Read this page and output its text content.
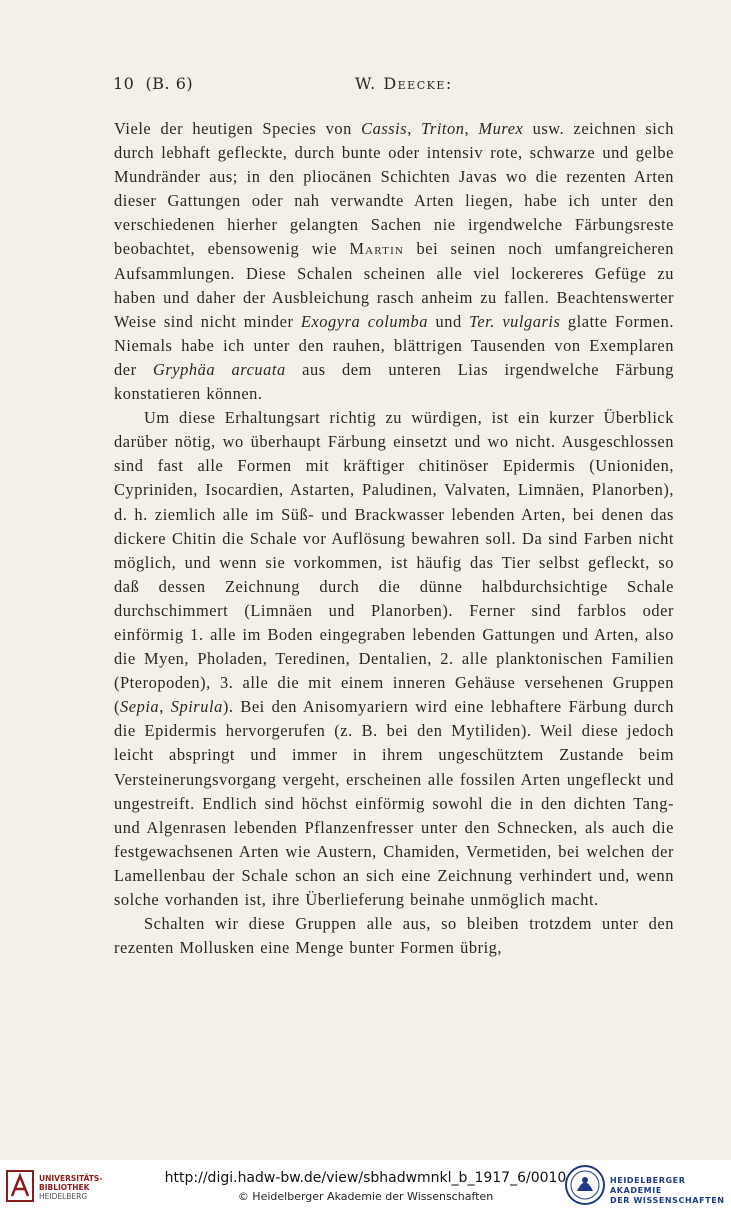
10 (B. 6)	W. Deecke:

Viele der heutigen Species von Cassis, Triton, Murex usw. zeichnen sich durch lebhaft gefleckte, durch bunte oder intensiv rote, schwarze und gelbe Mundränder aus; in den pliocänen Schichten Javas wo die rezenten Arten dieser Gattungen oder nah verwandte Arten liegen, habe ich unter den verschiedenen hierher gelangten Sachen nie irgendwelche Färbungsreste beobachtet, ebensowenig wie Martin bei seinen noch umfangreicheren Aufsammlungen. Diese Schalen scheinen alle viel lockereres Gefüge zu haben und daher der Ausbleichung rasch anheim zu fallen. Beachtenswerter Weise sind nicht minder Exogyra columba und Ter. vulgaris glatte Formen. Niemals habe ich unter den rauhen, blättrigen Tausenden von Exemplaren der Gryphäa arcuata aus dem unteren Lias irgendwelche Färbung konstatieren können.

Um diese Erhaltungsart richtig zu würdigen, ist ein kurzer Überblick darüber nötig, wo überhaupt Färbung einsetzt und wo nicht. Ausgeschlossen sind fast alle Formen mit kräftiger chitinöser Epidermis (Unioniden, Cypriniden, Isocardien, Astarten, Paludinen, Valvaten, Limnäen, Planorben), d. h. ziemlich alle im Süß- und Brackwasser lebenden Arten, bei denen das dickere Chitin die Schale vor Auflösung bewahren soll. Da sind Farben nicht möglich, und wenn sie vorkommen, ist häufig das Tier selbst gefleckt, so daß dessen Zeichnung durch die dünne halbdurchsichtige Schale durchschimmert (Limnäen und Planorben). Ferner sind farblos oder einförmig 1. alle im Boden eingegraben lebenden Gattungen und Arten, also die Myen, Pholaden, Teredinen, Dentalien, 2. alle planktonischen Familien (Pteropoden), 3. alle die mit einem inneren Gehäuse versehenen Gruppen (Sepia, Spirula). Bei den Anisomyariern wird eine lebhaftere Färbung durch die Epidermis hervorgerufen (z. B. bei den Mytiliden). Weil diese jedoch leicht abspringt und immer in ihrem ungeschütztem Zustande beim Versteinerungsvorgang vergeht, erscheinen alle fossilen Arten ungefleckt und ungestreift. Endlich sind höchst einförmig sowohl die in den dichten Tang- und Algenrasen lebenden Pflanzenfresser unter den Schnecken, als auch die festgewachsenen Arten wie Austern, Chamiden, Vermetiden, bei welchen der Lamellenbau der Schale schon an sich eine Zeichnung verhindert und, wenn solche vorhanden ist, ihre Überlieferung beinahe unmöglich macht.

Schalten wir diese Gruppen alle aus, so bleiben trotzdem unter den rezenten Mollusken eine Menge bunter Formen übrig,

UNIVERSITÄTS-
BIBLIOTHEK
HEIDELBERG
http://digi.hadw-bw.de/view/sbhadwmnkl_b_1917_6/0010
© Heidelberger Akademie der Wissenschaften
HEIDELBERGER AKADEMIE
DER WISSENSCHAFTEN
